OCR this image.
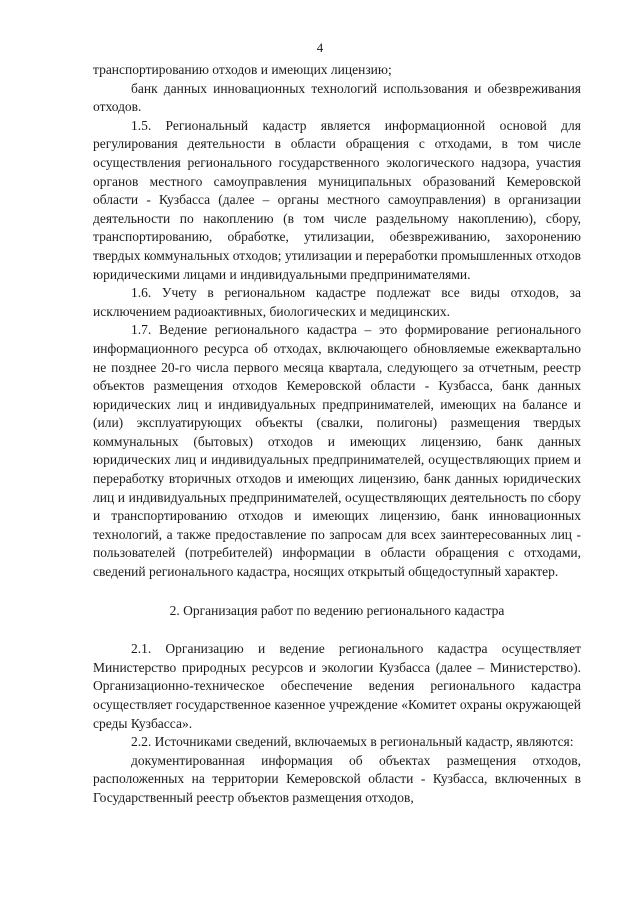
4

транспортированию отходов и имеющих лицензию;

банк данных инновационных технологий использования и обезвреживания отходов.

1.5. Региональный кадастр является информационной основой для регулирования деятельности в области обращения с отходами, в том числе осуществления регионального государственного экологического надзора, участия органов местного самоуправления муниципальных образований Кемеровской области - Кузбасса (далее – органы местного самоуправления) в организации деятельности по накоплению (в том числе раздельному накоплению), сбору, транспортированию, обработке, утилизации, обезвреживанию, захоронению твердых коммунальных отходов; утилизации и переработки промышленных отходов юридическими лицами и индивидуальными предпринимателями.

1.6. Учету в региональном кадастре подлежат все виды отходов, за исключением радиоактивных, биологических и медицинских.

1.7. Ведение регионального кадастра – это формирование регионального информационного ресурса об отходах, включающего обновляемые ежеквартально не позднее 20-го числа первого месяца квартала, следующего за отчетным, реестр объектов размещения отходов Кемеровской области - Кузбасса, банк данных юридических лиц и индивидуальных предпринимателей, имеющих на балансе и (или) эксплуатирующих объекты (свалки, полигоны) размещения твердых коммунальных (бытовых) отходов и имеющих лицензию, банк данных юридических лиц и индивидуальных предпринимателей, осуществляющих прием и переработку вторичных отходов и имеющих лицензию, банк данных юридических лиц и индивидуальных предпринимателей, осуществляющих деятельность по сбору и транспортированию отходов и имеющих лицензию, банк инновационных технологий, а также предоставление по запросам для всех заинтересованных лиц - пользователей (потребителей) информации в области обращения с отходами, сведений регионального кадастра, носящих открытый общедоступный характер.

2. Организация работ по ведению регионального кадастра

2.1. Организацию и ведение регионального кадастра осуществляет Министерство природных ресурсов и экологии Кузбасса (далее – Министерство). Организационно-техническое обеспечение ведения регионального кадастра осуществляет государственное казенное учреждение «Комитет охраны окружающей среды Кузбасса».

2.2. Источниками сведений, включаемых в региональный кадастр, являются:

документированная информация об объектах размещения отходов, расположенных на территории Кемеровской области - Кузбасса, включенных в Государственный реестр объектов размещения отходов,
